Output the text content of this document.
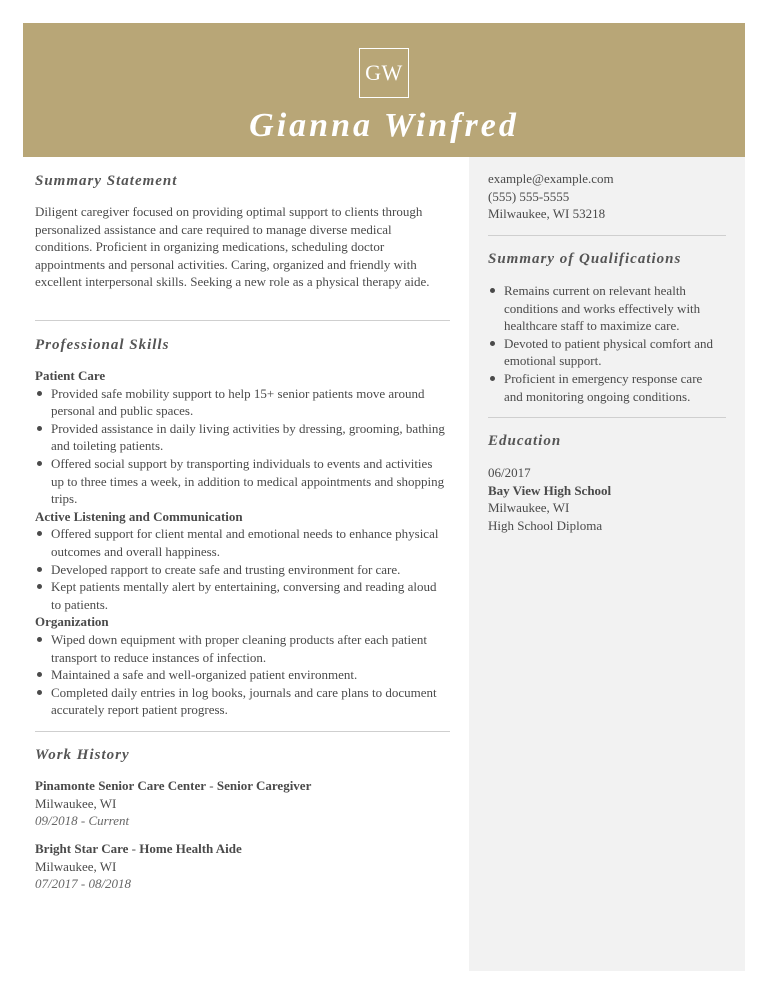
GW
Gianna Winfred
Summary Statement
Diligent caregiver focused on providing optimal support to clients through personalized assistance and care required to manage diverse medical conditions. Proficient in organizing medications, scheduling doctor appointments and personal activities. Caring, organized and friendly with excellent interpersonal skills. Seeking a new role as a physical therapy aide.
Professional Skills
Patient Care
Provided safe mobility support to help 15+ senior patients move around personal and public spaces.
Provided assistance in daily living activities by dressing, grooming, bathing and toileting patients.
Offered social support by transporting individuals to events and activities up to three times a week, in addition to medical appointments and shopping trips.
Active Listening and Communication
Offered support for client mental and emotional needs to enhance physical outcomes and overall happiness.
Developed rapport to create safe and trusting environment for care.
Kept patients mentally alert by entertaining, conversing and reading aloud to patients.
Organization
Wiped down equipment with proper cleaning products after each patient transport to reduce instances of infection.
Maintained a safe and well-organized patient environment.
Completed daily entries in log books, journals and care plans to document accurately report patient progress.
Work History
Pinamonte Senior Care Center - Senior Caregiver
Milwaukee, WI
09/2018 - Current
Bright Star Care - Home Health Aide
Milwaukee, WI
07/2017 - 08/2018
example@example.com
(555) 555-5555
Milwaukee, WI 53218
Summary of Qualifications
Remains current on relevant health conditions and works effectively with healthcare staff to maximize care.
Devoted to patient physical comfort and emotional support.
Proficient in emergency response care and monitoring ongoing conditions.
Education
06/2017
Bay View High School
Milwaukee, WI
High School Diploma
